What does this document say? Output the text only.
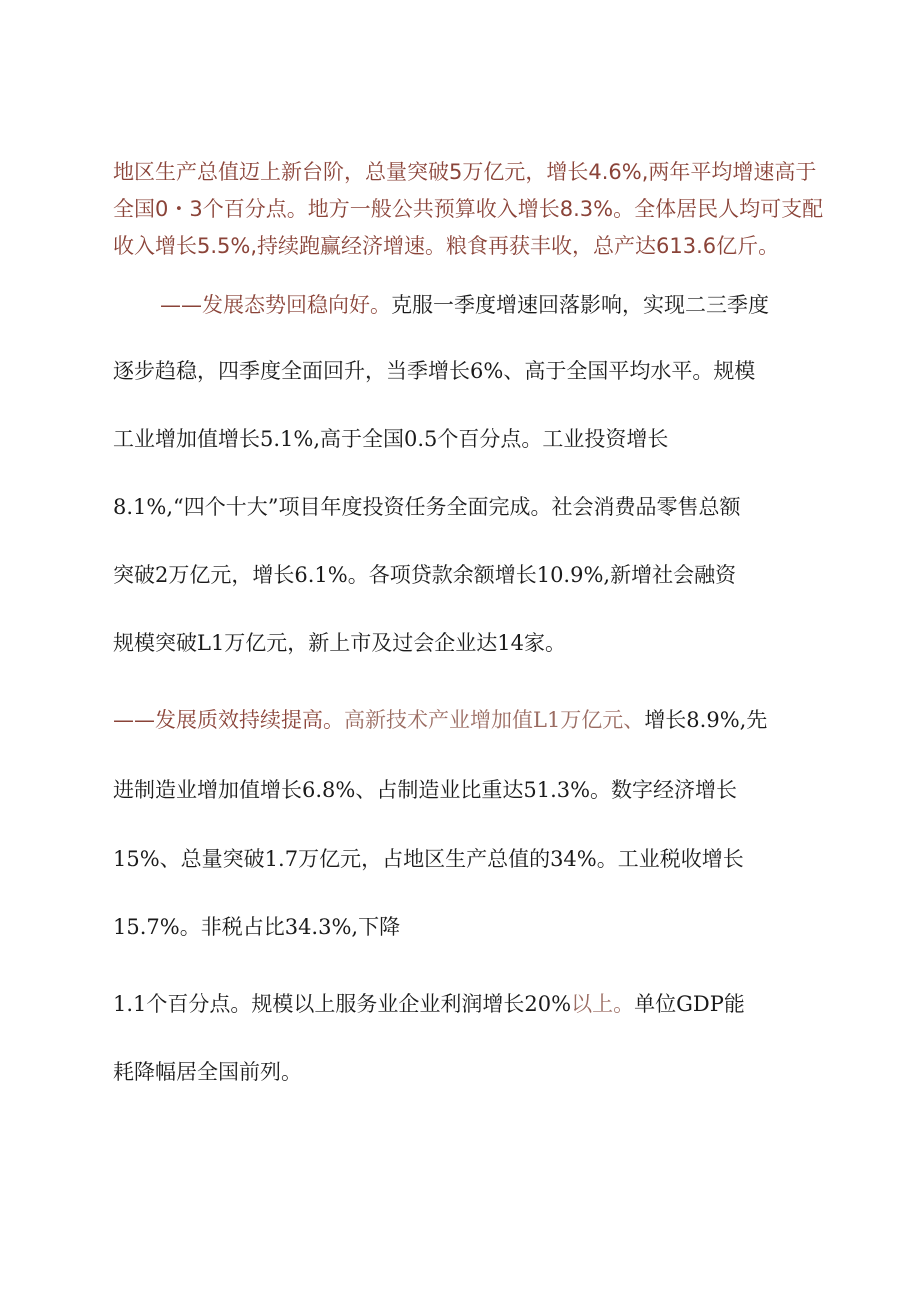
地区生产总值迈上新台阶，总量突破5万亿元，增长4.6%,两年平均增速高于
全国0・3个百分点。地方一般公共预算收入增长8.3%。全体居民人均可支配
收入增长5.5%,持续跑赢经济增速。粮食再获丰收，总产达613.6亿斤。
——发展态势回稳向好。克服一季度增速回落影响，实现二三季度
逐步趋稳，四季度全面回升，当季增长6%、高于全国平均水平。规模
工业增加值增长5.1%,高于全国0.5个百分点。工业投资增长
8.1%,“四个十大”项目年度投资任务全面完成。社会消费品零售总额
突破2万亿元，增长6.1%。各项贷款余额增长10.9%,新增社会融资
规模突破L1万亿元，新上市及过会企业达14家。
——发展质效持续提高。高新技术产业增加值L1万亿元、增长8.9%,先
进制造业增加值增长6.8%、占制造业比重达51.3%。数字经济增长
15%、总量突破1.7万亿元，占地区生产总值的34%。工业税收增长
15.7%。非税占比34.3%,下降
1.1个百分点。规模以上服务业企业利润增长20%以上。单位GDP能
耗降幅居全国前列。
